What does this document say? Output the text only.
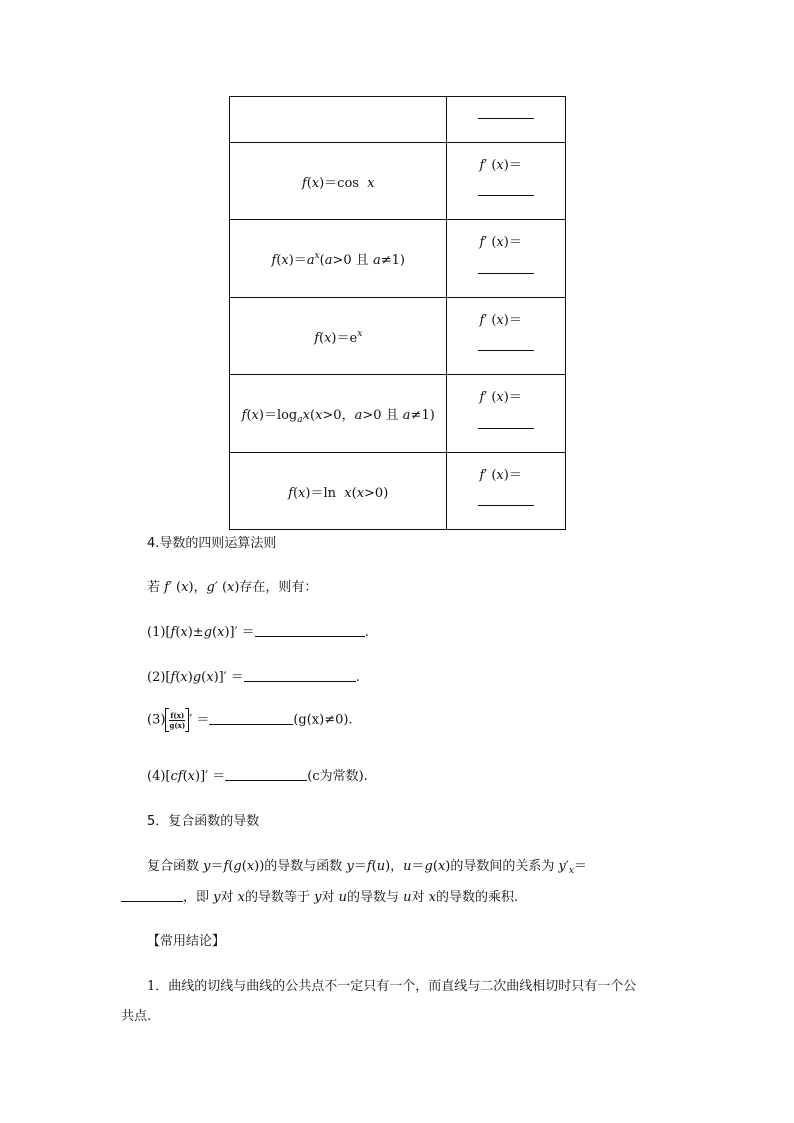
f(x)＝cos  x	f′ (x)＝

$f(x)=a^x(a>0$ 且 a≠1)	f′ (x)＝

$f(x)=e^x$	f′ (x)＝

$f(x)=\log_ax(x>0$，a>0 且 a≠1)	f′ (x)＝

f(x)＝ln  x(x>0)	f′ (x)＝
4.导数的四则运算法则
若 f′ (x)，g′ (x)存在，则有：
(1)[f(x)±g(x)]′ ＝	.
(2)[f(x)g(x)]′ ＝	.
$(3) \frac{f(x)}{g(x)}$ ′ ＝	(g(x)≠0).
(4)[cf(x)]′ ＝	(c为常数).
5．复合函数的导数
复合函数 y＝f(g(x))的导数与函数 y＝f(u)，u＝g(x)的导数间的关系为 $y'_x=$
，即 y对 x的导数等于 y对 u的导数与 u对 x的导数的乘积.
【常用结论】
1．曲线的切线与曲线的公共点不一定只有一个，而直线与二次曲线相切时只有一个公
共点.
